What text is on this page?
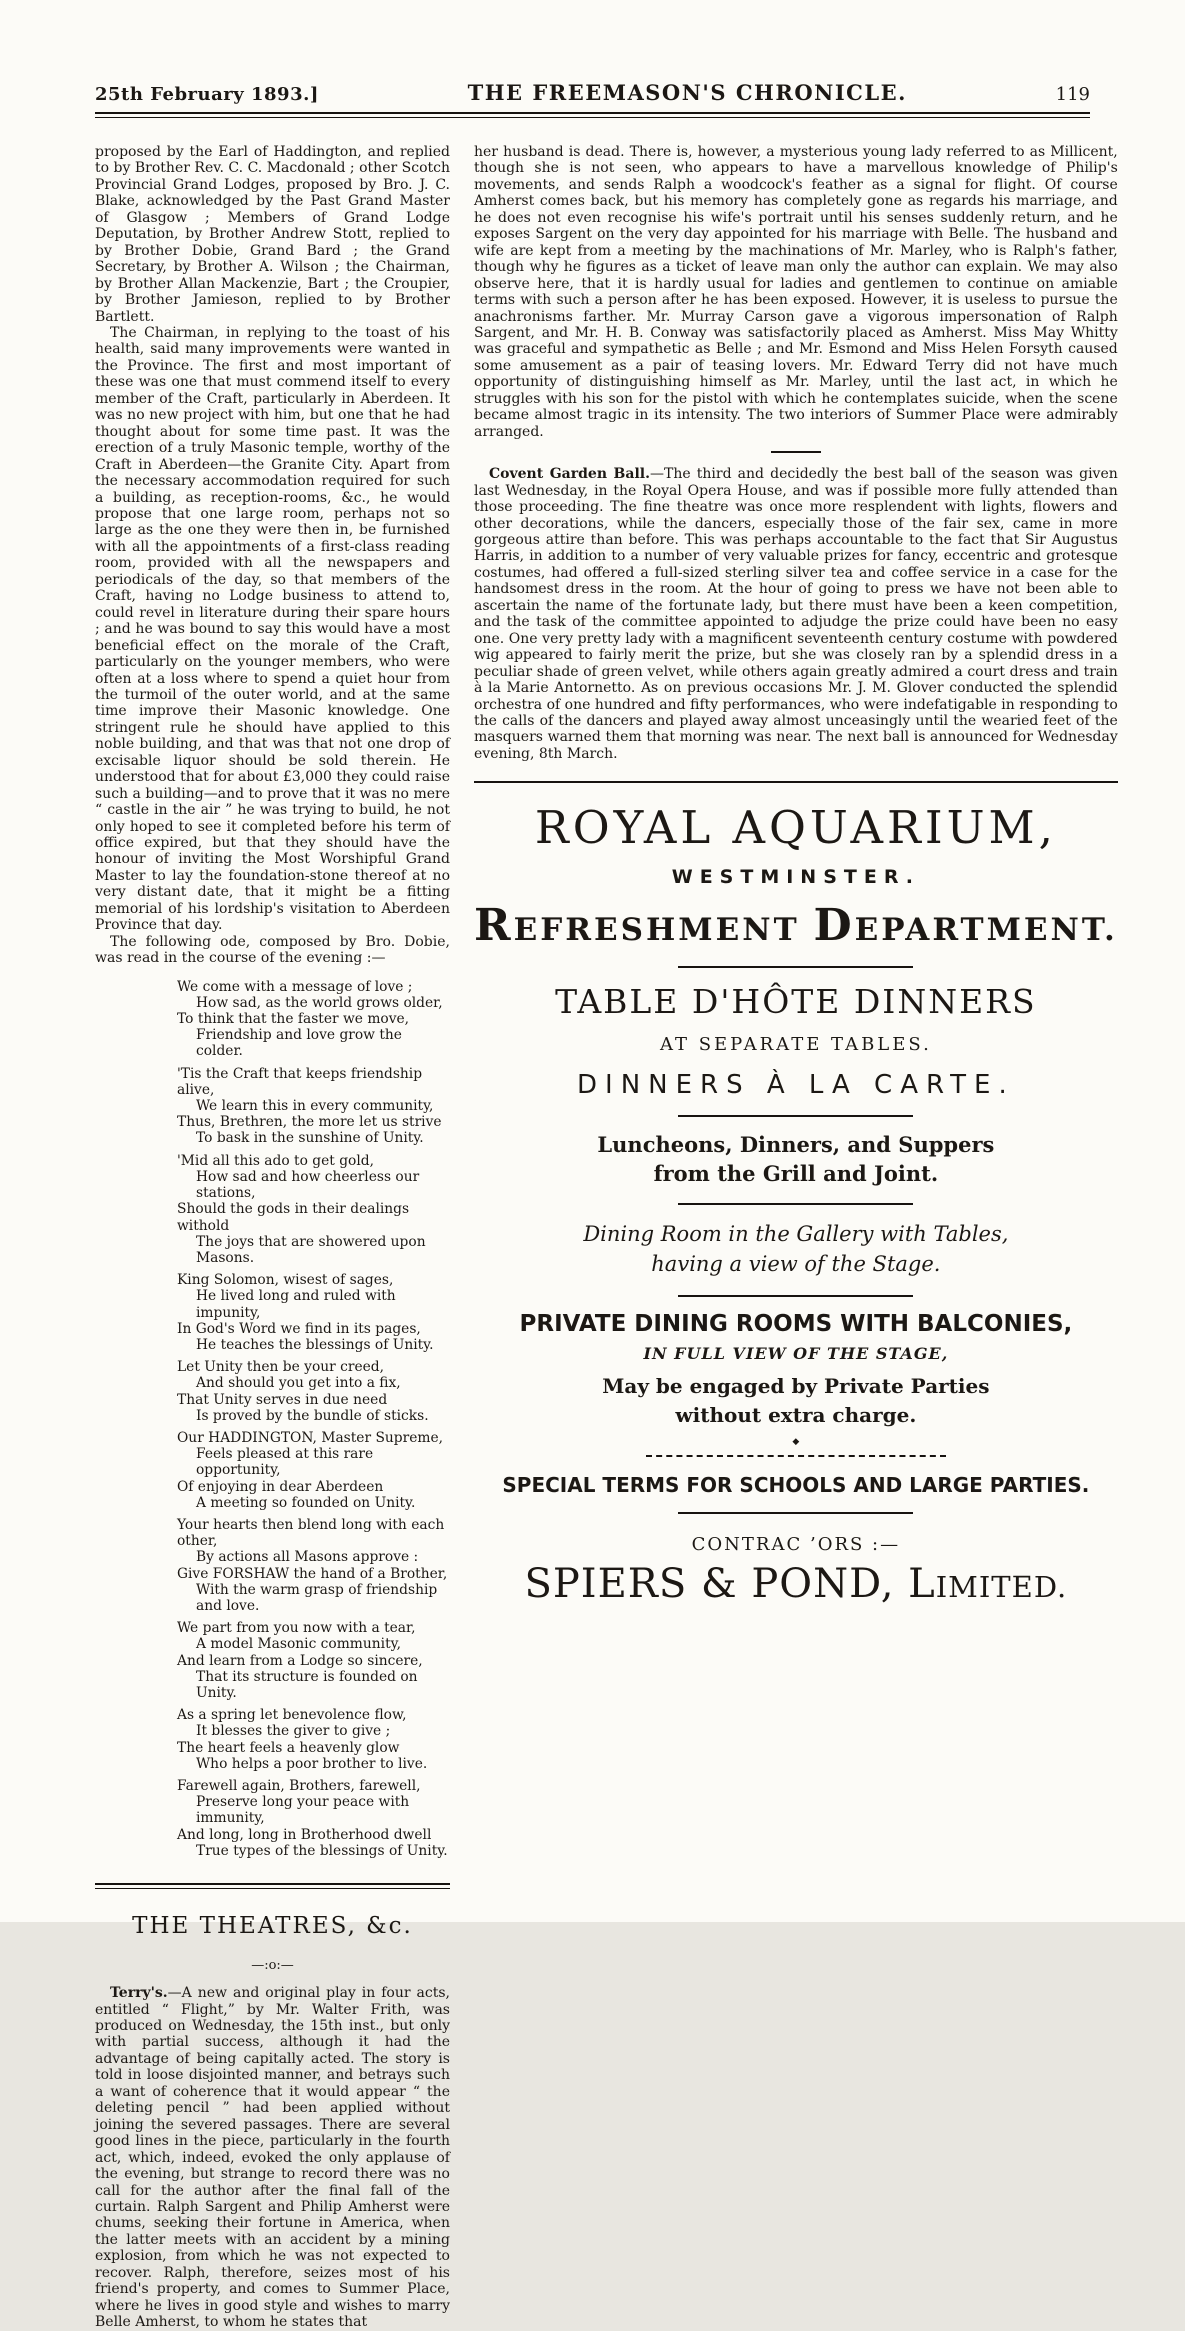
25th February 1893.]	THE FREEMASON'S CHRONICLE.	119

proposed by the Earl of Haddington, and replied to by Brother Rev. C. C. Macdonald ; other Scotch Provincial Grand Lodges, proposed by Bro. J. C. Blake, acknowledged by the Past Grand Master of Glasgow ; Members of Grand Lodge Deputation, by Brother Andrew Stott, replied to by Brother Dobie, Grand Bard ; the Grand Secretary, by Brother A. Wilson ; the Chairman, by Brother Allan Mackenzie, Bart ; the Croupier, by Brother Jamieson, replied to by Brother Bartlett.

The Chairman, in replying to the toast of his health, said many improvements were wanted in the Province. The first and most important of these was one that must commend itself to every member of the Craft, particularly in Aberdeen. It was no new project with him, but one that he had thought about for some time past. It was the erection of a truly Masonic temple, worthy of the Craft in Aberdeen—the Granite City. Apart from the necessary accommodation required for such a building, as reception-rooms, &c., he would propose that one large room, perhaps not so large as the one they were then in, be furnished with all the appointments of a first-class reading room, provided with all the newspapers and periodicals of the day, so that members of the Craft, having no Lodge business to attend to, could revel in literature during their spare hours ; and he was bound to say this would have a most beneficial effect on the morale of the Craft, particularly on the younger members, who were often at a loss where to spend a quiet hour from the turmoil of the outer world, and at the same time improve their Masonic knowledge. One stringent rule he should have applied to this noble building, and that was that not one drop of excisable liquor should be sold therein. He understood that for about £3,000 they could raise such a building—and to prove that it was no mere “ castle in the air ” he was trying to build, he not only hoped to see it completed before his term of office expired, but that they should have the honour of inviting the Most Worshipful Grand Master to lay the foundation-stone thereof at no very distant date, that it might be a fitting memorial of his lordship's visitation to Aberdeen Province that day.

The following ode, composed by Bro. Dobie, was read in the course of the evening :—

We come with a message of love ;
How sad, as the world grows older,
To think that the faster we move,
Friendship and love grow the colder.
'Tis the Craft that keeps friendship alive,
We learn this in every community,
Thus, Brethren, the more let us strive
To bask in the sunshine of Unity.
'Mid all this ado to get gold,
How sad and how cheerless our stations,
Should the gods in their dealings withold
The joys that are showered upon Masons.
King Solomon, wisest of sages,
He lived long and ruled with impunity,
In God's Word we find in its pages,
He teaches the blessings of Unity.
Let Unity then be your creed,
And should you get into a fix,
That Unity serves in due need
Is proved by the bundle of sticks.
Our HADDINGTON, Master Supreme,
Feels pleased at this rare opportunity,
Of enjoying in dear Aberdeen
A meeting so founded on Unity.
Your hearts then blend long with each other,
By actions all Masons approve :
Give FORSHAW the hand of a Brother,
With the warm grasp of friendship and love.
We part from you now with a tear,
A model Masonic community,
And learn from a Lodge so sincere,
That its structure is founded on Unity.
As a spring let benevolence flow,
It blesses the giver to give ;
The heart feels a heavenly glow
Who helps a poor brother to live.
Farewell again, Brothers, farewell,
Preserve long your peace with immunity,
And long, long in Brotherhood dwell
True types of the blessings of Unity.
THE THEATRES, &c.
—:o:—

Terry's.—A new and original play in four acts, entitled “ Flight,” by Mr. Walter Frith, was produced on Wednesday, the 15th inst., but only with partial success, although it had the advantage of being capitally acted. The story is told in loose disjointed manner, and betrays such a want of coherence that it would appear “ the deleting pencil ” had been applied without joining the severed passages. There are several good lines in the piece, particularly in the fourth act, which, indeed, evoked the only applause of the evening, but strange to record there was no call for the author after the final fall of the curtain. Ralph Sargent and Philip Amherst were chums, seeking their fortune in America, when the latter meets with an accident by a mining explosion, from which he was not expected to recover. Ralph, therefore, seizes most of his friend's property, and comes to Summer Place, where he lives in good style and wishes to marry Belle Amherst, to whom he states that

her husband is dead. There is, however, a mysterious young lady referred to as Millicent, though she is not seen, who appears to have a marvellous knowledge of Philip's movements, and sends Ralph a woodcock's feather as a signal for flight. Of course Amherst comes back, but his memory has completely gone as regards his marriage, and he does not even recognise his wife's portrait until his senses suddenly return, and he exposes Sargent on the very day appointed for his marriage with Belle. The husband and wife are kept from a meeting by the machinations of Mr. Marley, who is Ralph's father, though why he figures as a ticket of leave man only the author can explain. We may also observe here, that it is hardly usual for ladies and gentlemen to continue on amiable terms with such a person after he has been exposed. However, it is useless to pursue the anachronisms farther. Mr. Murray Carson gave a vigorous impersonation of Ralph Sargent, and Mr. H. B. Conway was satisfactorily placed as Amherst. Miss May Whitty was graceful and sympathetic as Belle ; and Mr. Esmond and Miss Helen Forsyth caused some amusement as a pair of teasing lovers. Mr. Edward Terry did not have much opportunity of distinguishing himself as Mr. Marley, until the last act, in which he struggles with his son for the pistol with which he contemplates suicide, when the scene became almost tragic in its intensity. The two interiors of Summer Place were admirably arranged.

Covent Garden Ball.—The third and decidedly the best ball of the season was given last Wednesday, in the Royal Opera House, and was if possible more fully attended than those proceeding. The fine theatre was once more resplendent with lights, flowers and other decorations, while the dancers, especially those of the fair sex, came in more gorgeous attire than before. This was perhaps accountable to the fact that Sir Augustus Harris, in addition to a number of very valuable prizes for fancy, eccentric and grotesque costumes, had offered a full-sized sterling silver tea and coffee service in a case for the handsomest dress in the room. At the hour of going to press we have not been able to ascertain the name of the fortunate lady, but there must have been a keen competition, and the task of the committee appointed to adjudge the prize could have been no easy one. One very pretty lady with a magnificent seventeenth century costume with powdered wig appeared to fairly merit the prize, but she was closely ran by a splendid dress in a peculiar shade of green velvet, while others again greatly admired a court dress and train à la Marie Antornetto. As on previous occasions Mr. J. M. Glover conducted the splendid orchestra of one hundred and fifty performances, who were indefatigable in responding to the calls of the dancers and played away almost unceasingly until the wearied feet of the masquers warned them that morning was near. The next ball is announced for Wednesday evening, 8th March.

ROYAL AQUARIUM,
WESTMINSTER.
REFRESHMENT DEPARTMENT.
TABLE D'HÔTE DINNERS
AT SEPARATE TABLES.
DINNERS À LA CARTE.
Luncheons, Dinners, and Suppers from the Grill and Joint.
Dining Room in the Gallery with Tables, having a view of the Stage.
PRIVATE DINING ROOMS WITH BALCONIES,
IN FULL VIEW OF THE STAGE,
May be engaged by Private Parties without extra charge.
◆
SPECIAL TERMS FOR SCHOOLS AND LARGE PARTIES.
CONTRAC ’ORS :—
SPIERS & POND, LIMITED.
